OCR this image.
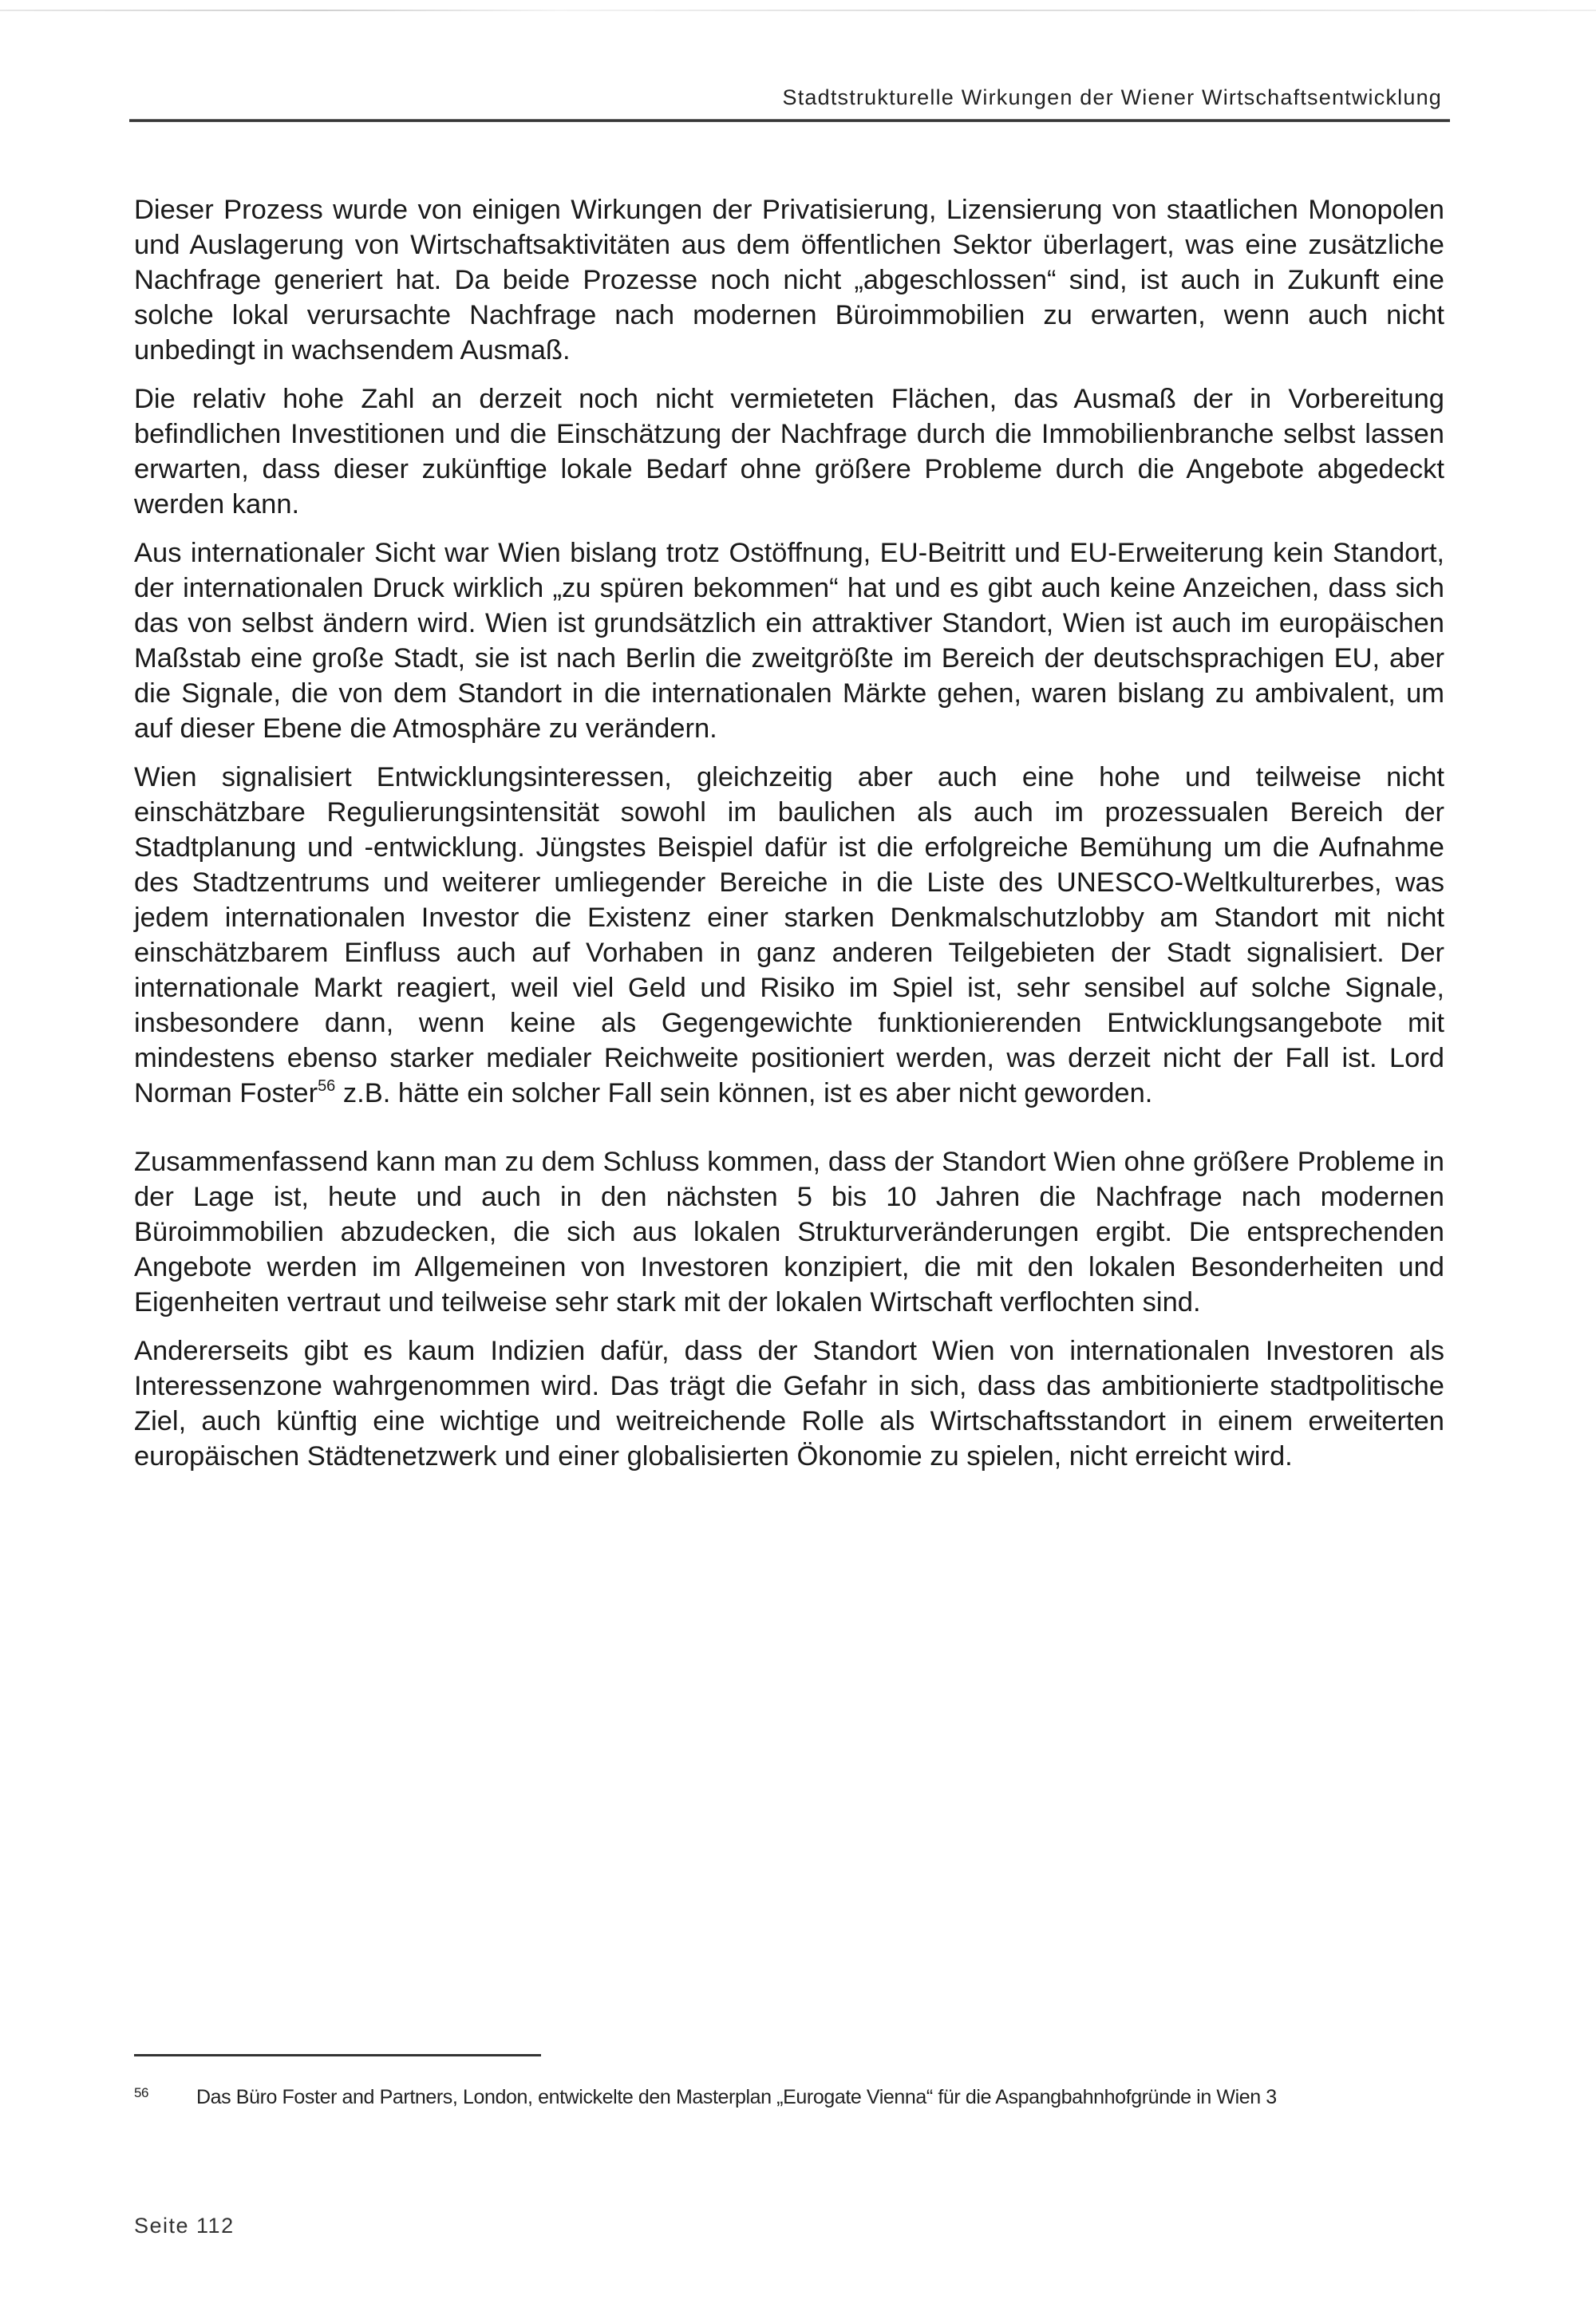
Stadtstrukturelle Wirkungen der Wiener Wirtschaftsentwicklung

Dieser Prozess wurde von einigen Wirkungen der Privatisierung, Lizensierung von staatlichen Monopolen und Auslagerung von Wirtschaftsaktivitäten aus dem öffentlichen Sektor überlagert, was eine zusätzliche Nachfrage generiert hat. Da beide Prozesse noch nicht „abgeschlossen“ sind, ist auch in Zukunft eine solche lokal verursachte Nachfrage nach modernen Büroimmobilien zu erwarten, wenn auch nicht unbedingt in wachsendem Ausmaß.

Die relativ hohe Zahl an derzeit noch nicht vermieteten Flächen, das Ausmaß der in Vorbereitung befindlichen Investitionen und die Einschätzung der Nachfrage durch die Immobilienbranche selbst lassen erwarten, dass dieser zukünftige lokale Bedarf ohne größere Probleme durch die Angebote abgedeckt werden kann.

Aus internationaler Sicht war Wien bislang trotz Ostöffnung, EU-Beitritt und EU-Erweiterung kein Standort, der internationalen Druck wirklich „zu spüren bekommen“ hat und es gibt auch keine Anzeichen, dass sich das von selbst ändern wird. Wien ist grundsätzlich ein attraktiver Standort, Wien ist auch im europäischen Maßstab eine große Stadt, sie ist nach Berlin die zweitgrößte im Bereich der deutschsprachigen EU, aber die Signale, die von dem Standort in die internationalen Märkte gehen, waren bislang zu ambivalent, um auf dieser Ebene die Atmosphäre zu verändern.

Wien signalisiert Entwicklungsinteressen, gleichzeitig aber auch eine hohe und teilweise nicht einschätzbare Regulierungsintensität sowohl im baulichen als auch im prozessualen Bereich der Stadtplanung und -entwicklung. Jüngstes Beispiel dafür ist die erfolgreiche Bemühung um die Aufnahme des Stadtzentrums und weiterer umliegender Bereiche in die Liste des UNESCO-Weltkulturerbes, was jedem internationalen Investor die Existenz einer starken Denkmalschutzlobby am Standort mit nicht einschätzbarem Einfluss auch auf Vorhaben in ganz anderen Teilgebieten der Stadt signalisiert. Der internationale Markt reagiert, weil viel Geld und Risiko im Spiel ist, sehr sensibel auf solche Signale, insbesondere dann, wenn keine als Gegengewichte funktionierenden Entwicklungsangebote mit mindestens ebenso starker medialer Reichweite positioniert werden, was derzeit nicht der Fall ist. Lord Norman Foster$^{56}$ z.B. hätte ein solcher Fall sein können, ist es aber nicht geworden.

Zusammenfassend kann man zu dem Schluss kommen, dass der Standort Wien ohne größere Probleme in der Lage ist, heute und auch in den nächsten 5 bis 10 Jahren die Nachfrage nach modernen Büroimmobilien abzudecken, die sich aus lokalen Strukturveränderungen ergibt. Die entsprechenden Angebote werden im Allgemeinen von Investoren konzipiert, die mit den lokalen Besonderheiten und Eigenheiten vertraut und teilweise sehr stark mit der lokalen Wirtschaft verflochten sind.

Andererseits gibt es kaum Indizien dafür, dass der Standort Wien von internationalen Investoren als Interessenzone wahrgenommen wird. Das trägt die Gefahr in sich, dass das ambitionierte stadtpolitische Ziel, auch künftig eine wichtige und weitreichende Rolle als Wirtschaftsstandort in einem erweiterten europäischen Städtenetzwerk und einer globalisierten Ökonomie zu spielen, nicht erreicht wird.

56	Das Büro Foster and Partners, London, entwickelte den Masterplan „Eurogate Vienna“ für die Aspangbahnhofgründe in Wien 3
Seite 112
